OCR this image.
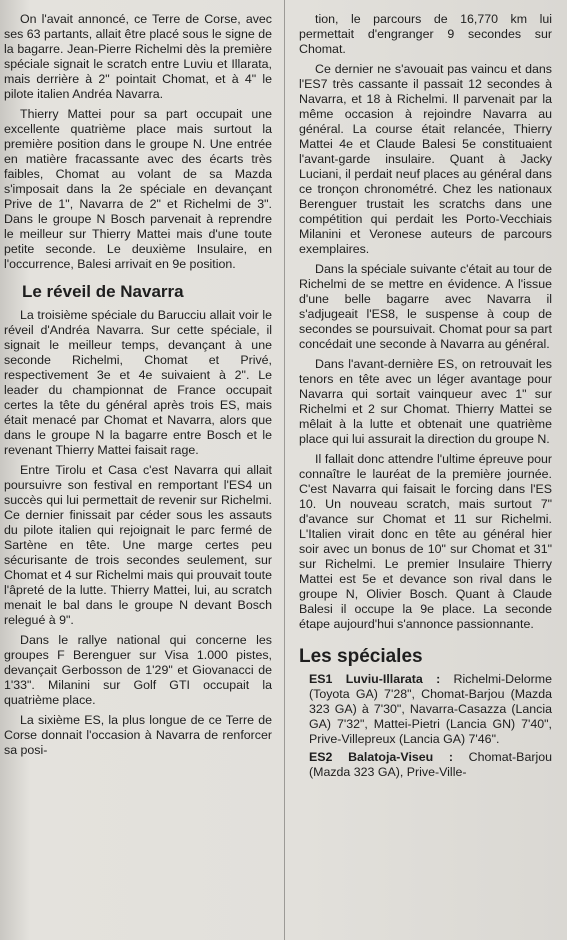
On l'avait annoncé, ce Terre de Corse, avec ses 63 partants, allait être placé sous le signe de la bagarre. Jean-Pierre Richelmi dès la première spéciale signait le scratch entre Luviu et Illarata, mais derrière à 2" pointait Chomat, et à 4" le pilote italien Andréa Navarra.

Thierry Mattei pour sa part occupait une excellente quatrième place mais surtout la première position dans le groupe N. Une entrée en matière fracassante avec des écarts très faibles, Chomat au volant de sa Mazda s'imposait dans la 2e spéciale en devançant Prive de 1", Navarra de 2" et Richelmi de 3". Dans le groupe N Bosch parvenait à reprendre le meilleur sur Thierry Mattei mais d'une toute petite seconde. Le deuxième Insulaire, en l'occurrence, Balesi arrivait en 9e position.

Le réveil de Navarra

La troisième spéciale du Barucciu allait voir le réveil d'Andréa Navarra. Sur cette spéciale, il signait le meilleur temps, devançant à une seconde Richelmi, Chomat et Privé, respectivement 3e et 4e suivaient à 2". Le leader du championnat de France occupait certes la tête du général après trois ES, mais était menacé par Chomat et Navarra, alors que dans le groupe N la bagarre entre Bosch et le revenant Thierry Mattei faisait rage.

Entre Tirolu et Casa c'est Navarra qui allait poursuivre son festival en remportant l'ES4 un succès qui lui permettait de revenir sur Richelmi. Ce dernier finissait par céder sous les assauts du pilote italien qui rejoignait le parc fermé de Sartène en tête. Une marge certes peu sécurisante de trois secondes seulement, sur Chomat et 4 sur Richelmi mais qui prouvait toute l'âpreté de la lutte. Thierry Mattei, lui, au scratch menait le bal dans le groupe N devant Bosch relegué à 9".

Dans le rallye national qui concerne les groupes F Berenguer sur Visa 1.000 pistes, devançait Gerbosson de 1'29" et Giovanacci de 1'33". Milanini sur Golf GTI occupait la quatrième place.

La sixième ES, la plus longue de ce Terre de Corse donnait l'occasion à Navarra de renforcer sa posi-

tion, le parcours de 16,770 km lui permettait d'engranger 9 secondes sur Chomat.

Ce dernier ne s'avouait pas vaincu et dans l'ES7 très cassante il passait 12 secondes à Navarra, et 18 à Richelmi. Il parvenait par la même occasion à rejoindre Navarra au général. La course était relancée, Thierry Mattei 4e et Claude Balesi 5e constituaient l'avant-garde insulaire. Quant à Jacky Luciani, il perdait neuf places au général dans ce tronçon chronométré. Chez les nationaux Berenguer trustait les scratchs dans une compétition qui perdait les Porto-Vecchiais Milanini et Veronese auteurs de parcours exemplaires.

Dans la spéciale suivante c'était au tour de Richelmi de se mettre en évidence. A l'issue d'une belle bagarre avec Navarra il s'adjugeait l'ES8, le suspense à coup de secondes se poursuivait. Chomat pour sa part concédait une seconde à Navarra au général.

Dans l'avant-dernière ES, on retrouvait les tenors en tête avec un léger avantage pour Navarra qui sortait vainqueur avec 1" sur Richelmi et 2 sur Chomat. Thierry Mattei se mêlait à la lutte et obtenait une quatrième place qui lui assurait la direction du groupe N.

Il fallait donc attendre l'ultime épreuve pour connaître le lauréat de la première journée. C'est Navarra qui faisait le forcing dans l'ES 10. Un nouveau scratch, mais surtout 7" d'avance sur Chomat et 11 sur Richelmi. L'Italien virait donc en tête au général hier soir avec un bonus de 10" sur Chomat et 31" sur Richelmi. Le premier Insulaire Thierry Mattei est 5e et devance son rival dans le groupe N, Olivier Bosch. Quant à Claude Balesi il occupe la 9e place. La seconde étape aujourd'hui s'annonce passionnante.

Les spéciales

ES1 Luviu-Illarata : Richelmi-Delorme (Toyota GA) 7'28", Chomat-Barjou (Mazda 323 GA) à 7'30", Navarra-Casazza (Lancia GA) 7'32", Mattei-Pietri (Lancia GN) 7'40", Prive-Villepreux (Lancia GA) 7'46".

ES2 Balatoja-Viseu : Chomat-Barjou (Mazda 323 GA), Prive-Ville-
